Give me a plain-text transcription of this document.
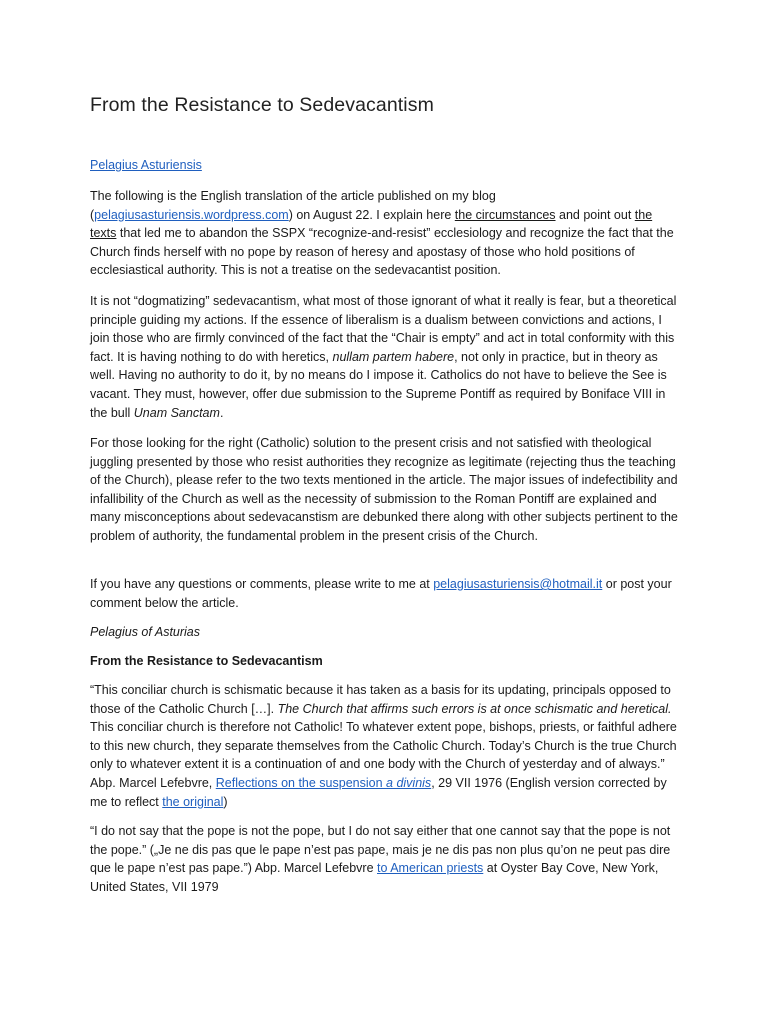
From the Resistance to Sedevacantism
Pelagius Asturiensis

The following is the English translation of the article published on my blog (pelagiusasturiensis.wordpress.com) on August 22. I explain here the circumstances and point out the texts that led me to abandon the SSPX “recognize-and-resist” ecclesiology and recognize the fact that the Church finds herself with no pope by reason of heresy and apostasy of those who hold positions of ecclesiastical authority. This is not a treatise on the sedevacantist position.

It is not “dogmatizing” sedevacantism, what most of those ignorant of what it really is fear, but a theoretical principle guiding my actions. If the essence of liberalism is a dualism between convictions and actions, I join those who are firmly convinced of the fact that the “Chair is empty” and act in total conformity with this fact. It is having nothing to do with heretics, nullam partem habere, not only in practice, but in theory as well. Having no authority to do it, by no means do I impose it. Catholics do not have to believe the See is vacant. They must, however, offer due submission to the Supreme Pontiff as required by Boniface VIII in the bull Unam Sanctam.

For those looking for the right (Catholic) solution to the present crisis and not satisfied with theological juggling presented by those who resist authorities they recognize as legitimate (rejecting thus the teaching of the Church), please refer to the two texts mentioned in the article. The major issues of indefectibility and infallibility of the Church as well as the necessity of submission to the Roman Pontiff are explained and many misconceptions about sedevacanstism are debunked there along with other subjects pertinent to the problem of authority, the fundamental problem in the present crisis of the Church.

If you have any questions or comments, please write to me at pelagiusasturiensis@hotmail.it or post your comment below the article.

Pelagius of Asturias

From the Resistance to Sedevacantism

“This conciliar church is schismatic because it has taken as a basis for its updating, principals opposed to those of the Catholic Church […]. The Church that affirms such errors is at once schismatic and heretical. This conciliar church is therefore not Catholic! To whatever extent pope, bishops, priests, or faithful adhere to this new church, they separate themselves from the Catholic Church. Today’s Church is the true Church only to whatever extent it is a continuation of and one body with the Church of yesterday and of always.” Abp. Marcel Lefebvre, Reflections on the suspension a divinis, 29 VII 1976 (English version corrected by me to reflect the original)

“I do not say that the pope is not the pope, but I do not say either that one cannot say that the pope is not the pope.” („Je ne dis pas que le pape n’est pas pape, mais je ne dis pas non plus qu’on ne peut pas dire que le pape n’est pas pape.”) Abp. Marcel Lefebvre to American priests at Oyster Bay Cove, New York, United States, VII 1979
